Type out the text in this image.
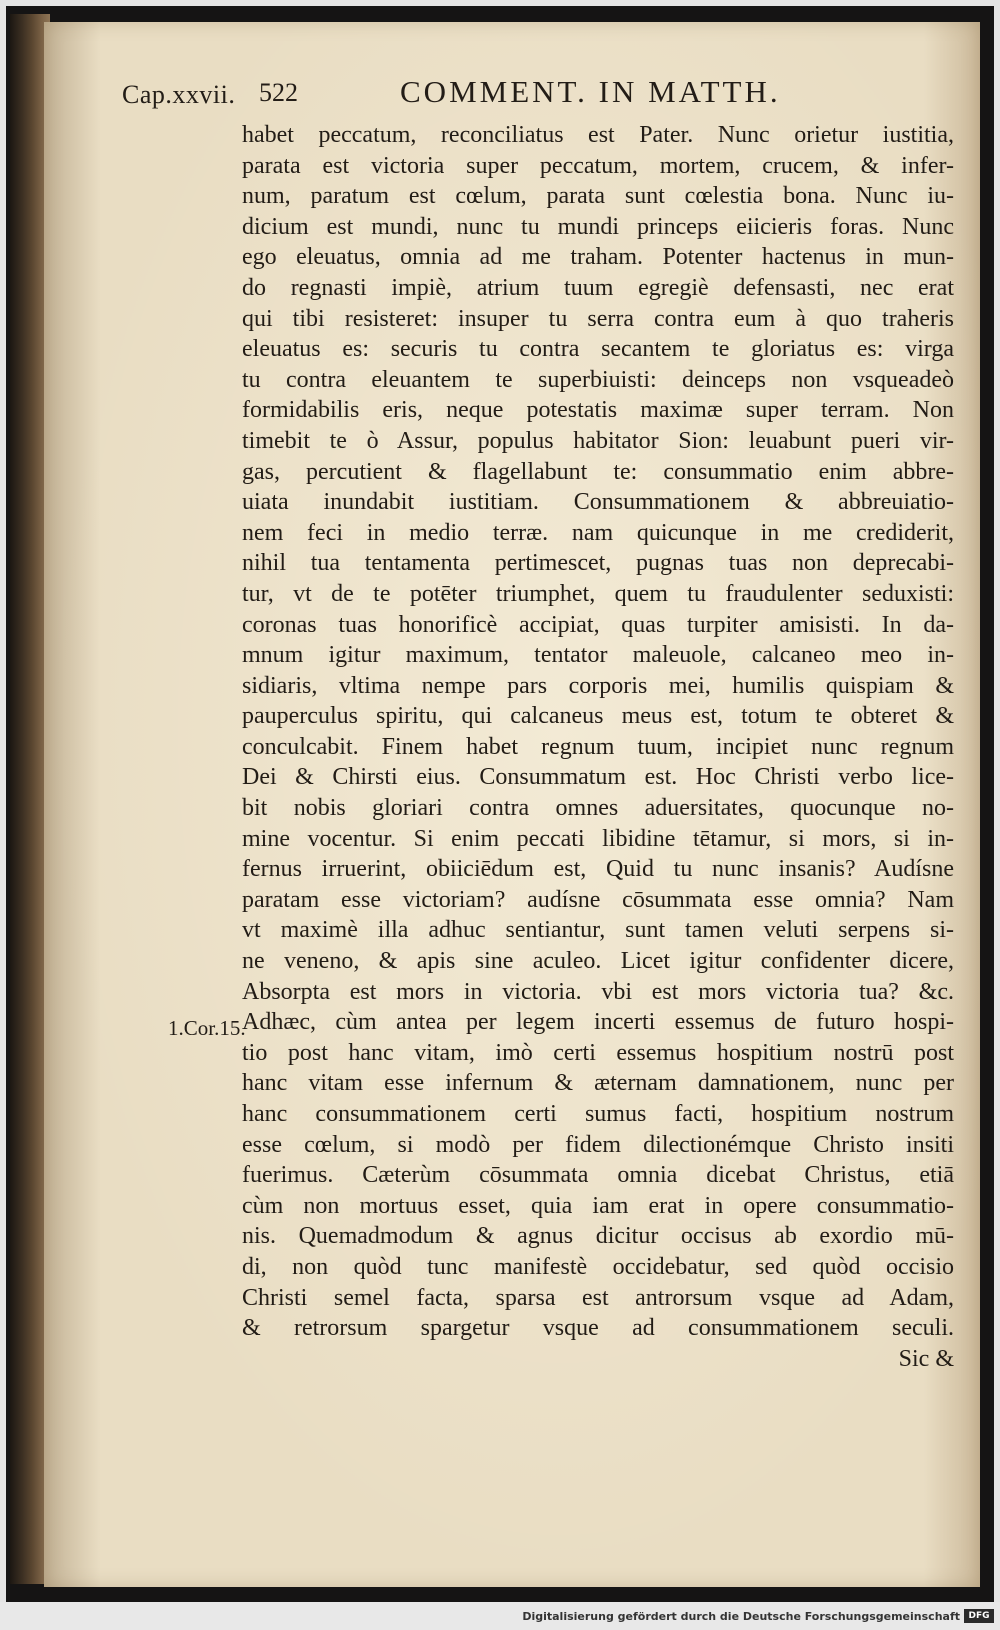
Cap.xxvii. 522	COMMENT. IN MATTH.
1.Cor.15.
habet peccatum, reconciliatus est Pater. Nunc orietur iustitia,
parata est victoria super peccatum, mortem, crucem, & infer-
num, paratum est cœlum, parata sunt cœlestia bona. Nunc iu-
dicium est mundi, nunc tu mundi princeps eiicieris foras. Nunc
ego eleuatus, omnia ad me traham. Potenter hactenus in mun-
do regnasti impiè, atrium tuum egregiè defensasti, nec erat
qui tibi resisteret: insuper tu serra contra eum à quo traheris
eleuatus es: securis tu contra secantem te gloriatus es: virga
tu contra eleuantem te superbiuisti: deinceps non vsqueadeò
formidabilis eris, neque potestatis maximæ super terram. Non
timebit te ò Assur, populus habitator Sion: leuabunt pueri vir-
gas, percutient & flagellabunt te: consummatio enim abbre-
uiata inundabit iustitiam. Consummationem & abbreuiatio-
nem feci in medio terræ. nam quicunque in me crediderit,
nihil tua tentamenta pertimescet, pugnas tuas non deprecabi-
tur, vt de te potēter triumphet, quem tu fraudulenter seduxisti:
coronas tuas honorificè accipiat, quas turpiter amisisti. In da-
mnum igitur maximum, tentator maleuole, calcaneo meo in-
sidiaris, vltima nempe pars corporis mei, humilis quispiam &
pauperculus spiritu, qui calcaneus meus est, totum te obteret &
conculcabit. Finem habet regnum tuum, incipiet nunc regnum
Dei & Chirsti eius. Consummatum est. Hoc Christi verbo lice-
bit nobis gloriari contra omnes aduersitates, quocunque no-
mine vocentur. Si enim peccati libidine tētamur, si mors, si in-
fernus irruerint, obiiciēdum est, Quid tu nunc insanis? Audísne
paratam esse victoriam? audísne cōsummata esse omnia? Nam
vt maximè illa adhuc sentiantur, sunt tamen veluti serpens si-
ne veneno, & apis sine aculeo. Licet igitur confidenter dicere,
Absorpta est mors in victoria. vbi est mors victoria tua? &c.
Adhæc, cùm antea per legem incerti essemus de futuro hospi-
tio post hanc vitam, imò certi essemus hospitium nostrū post
hanc vitam esse infernum & æternam damnationem, nunc per
hanc consummationem certi sumus facti, hospitium nostrum
esse cœlum, si modò per fidem dilectionémque Christo insiti
fuerimus. Cæterùm cōsummata omnia dicebat Christus, etiā
cùm non mortuus esset, quia iam erat in opere consummatio-
nis. Quemadmodum & agnus dicitur occisus ab exordio mū-
di, non quòd tunc manifestè occidebatur, sed quòd occisio
Christi semel facta, sparsa est antrorsum vsque ad Adam,
& retrorsum spargetur vsque ad consummationem seculi.
Sic &
Digitalisierung gefördert durch die Deutsche Forschungsgemeinschaft DFG
